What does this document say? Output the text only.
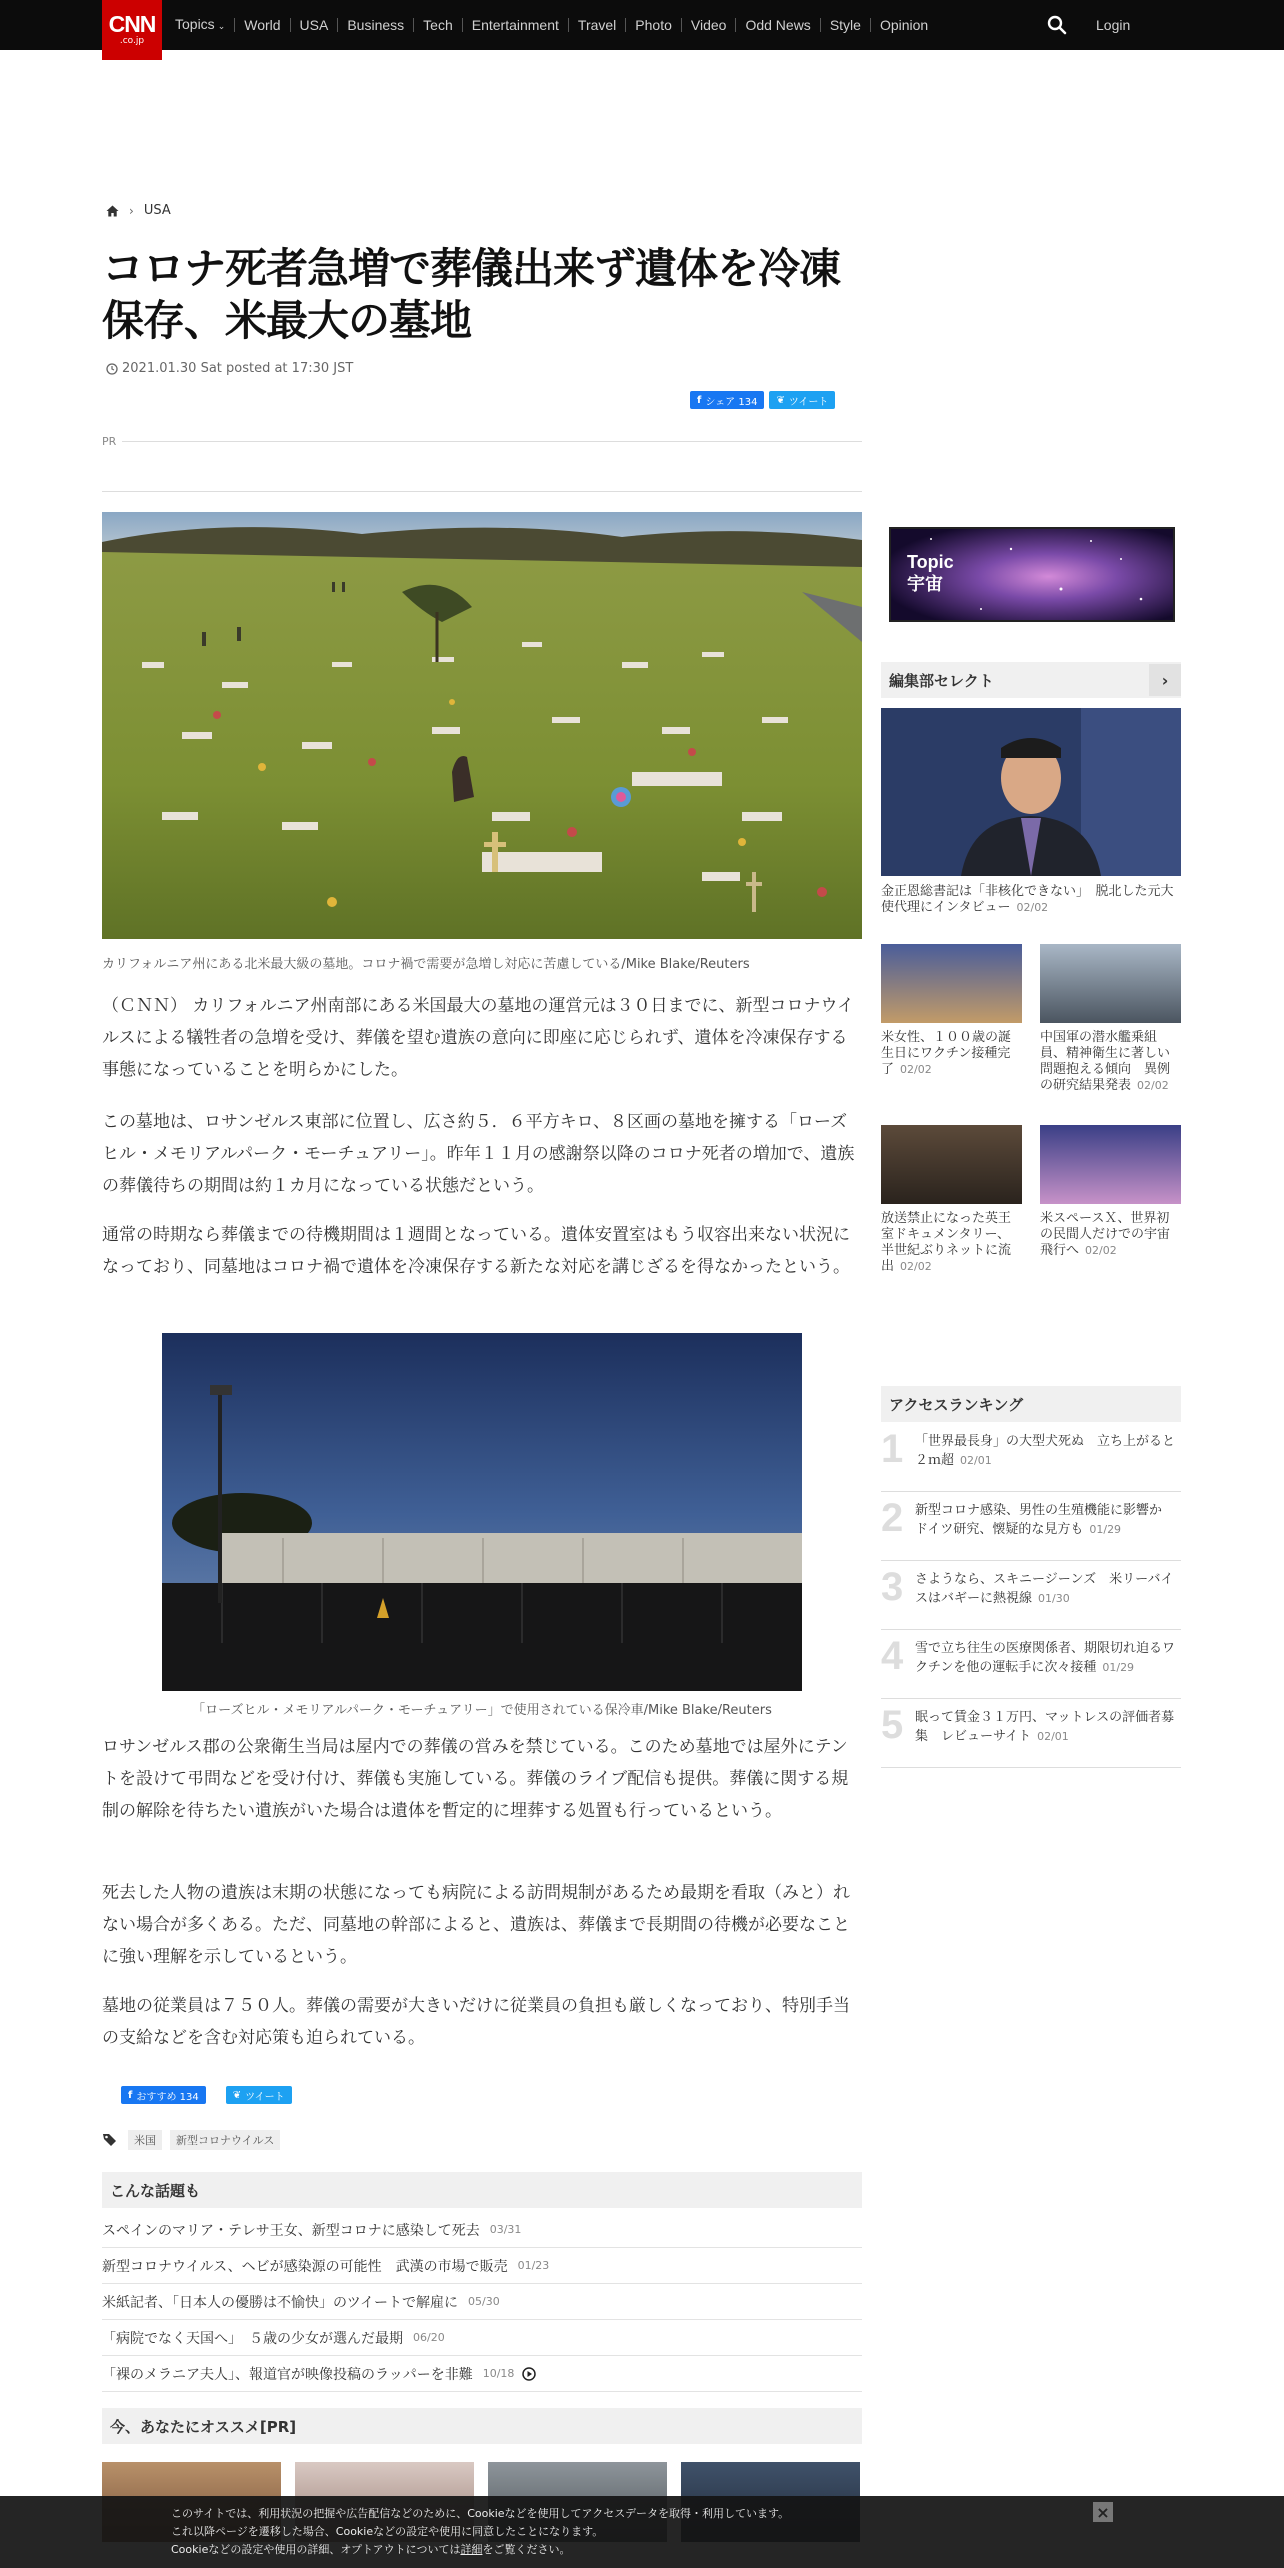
CNN
.co.jp
Topics ⌄	World	USA	Business	Tech	Entertainment	Travel	Photo	Video	Odd News	Style	Opinion	Login
› USA
コロナ死者急増で葬儀出来ず遺体を冷凍
保存、米最大の墓地
2021.01.30 Sat posted at 17:30 JST
f シェア 134 ❦ ツイート
PR
カリフォルニア州にある北米最大級の墓地。コロナ禍で需要が急増し対応に苦慮している/Mike Blake/Reuters

（ＣＮＮ） カリフォルニア州南部にある米国最大の墓地の運営元は３０日までに、新型コロナウイルスによる犠牲者の急増を受け、葬儀を望む遺族の意向に即座に応じられず、遺体を冷凍保存する事態になっていることを明らかにした。

この墓地は、ロサンゼルス東部に位置し、広さ約５．６平方キロ、８区画の墓地を擁する「ローズヒル・メモリアルパーク・モーチュアリー」。昨年１１月の感謝祭以降のコロナ死者の増加で、遺族の葬儀待ちの期間は約１カ月になっている状態だという。

通常の時期なら葬儀までの待機期間は１週間となっている。遺体安置室はもう収容出来ない状況になっており、同墓地はコロナ禍で遺体を冷凍保存する新たな対応を講じざるを得なかったという。

「ローズヒル・メモリアルパーク・モーチュアリー」で使用されている保冷車/Mike Blake/Reuters

ロサンゼルス郡の公衆衛生当局は屋内での葬儀の営みを禁じている。このため墓地では屋外にテントを設けて弔問などを受け付け、葬儀も実施している。葬儀のライブ配信も提供。葬儀に関する規制の解除を待ちたい遺族がいた場合は遺体を暫定的に埋葬する処置も行っているという。

死去した人物の遺族は末期の状態になっても病院による訪問規制があるため最期を看取（みと）れない場合が多くある。ただ、同墓地の幹部によると、遺族は、葬儀まで長期間の待機が必要なことに強い理解を示しているという。

墓地の従業員は７５０人。葬儀の需要が大きいだけに従業員の負担も厳しくなっており、特別手当の支給などを含む対応策も迫られている。

f おすすめ 134	❦ ツイート
米国	新型コロナウイルス
こんな話題も
スペインのマリア・テレサ王女、新型コロナに感染して死去 03/31
新型コロナウイルス、ヘビが感染源の可能性　武漢の市場で販売 01/23
米紙記者、「日本人の優勝は不愉快」のツイートで解雇に 05/30
「病院でなく天国へ」　５歳の少女が選んだ最期 06/20
「裸のメラニア夫人」、報道官が映像投稿のラッパーを非難 10/18
今、あなたにオススメ[PR]
Topic
宇宙
編集部セレクト	›
金正恩総書記は「非核化できない」　脱北した元大使代理にインタビュー 02/02
米女性、１００歳の誕生日にワクチン接種完了 02/02
中国軍の潜水艦乗組員、精神衛生に著しい問題抱える傾向　異例の研究結果発表 02/02
放送禁止になった英王室ドキュメンタリー、半世紀ぶりネットに流出 02/02
米スペースＸ、世界初の民間人だけでの宇宙飛行へ 02/02
アクセスランキング
1 「世界最長身」の大型犬死ぬ　立ち上がると２ｍ超 02/01
2 新型コロナ感染、男性の生殖機能に影響か　ドイツ研究、懐疑的な見方も 01/29
3 さようなら、スキニージーンズ　米リーバイスはバギーに熱視線 01/30
4 雪で立ち往生の医療関係者、期限切れ迫るワクチンを他の運転手に次々接種 01/29
5 眠って賃金３１万円、マットレスの評価者募集　レビューサイト 02/01
このサイトでは、利用状況の把握や広告配信などのために、Cookieなどを使用してアクセスデータを取得・利用しています。
これ以降ページを遷移した場合、Cookieなどの設定や使用に同意したことになります。
Cookieなどの設定や使用の詳細、オプトアウトについては詳細をご覧ください。
×
